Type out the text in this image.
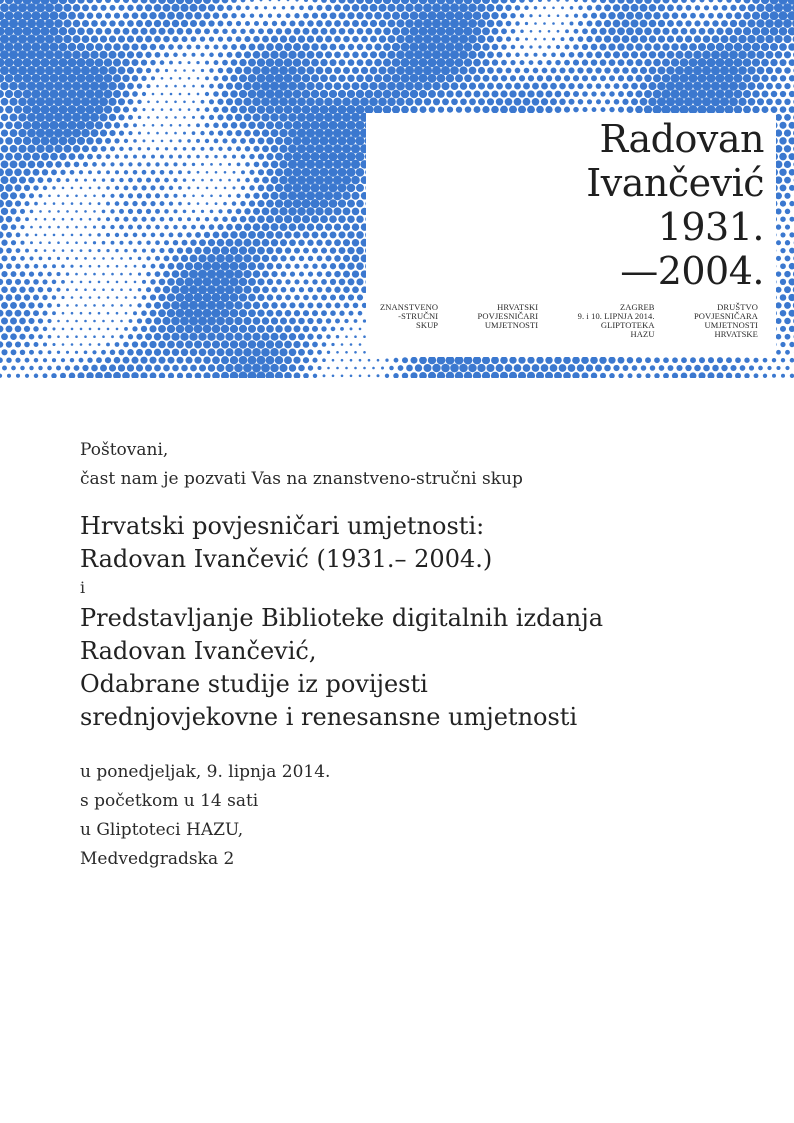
Radovan
Ivančević
1931.
—2004.
ZNANSTVENO
-STRUČNI
SKUP
HRVATSKI
POVJESNIČARI
UMJETNOSTI
ZAGREB
9. i 10. LIPNJA 2014.
GLIPTOTEKA
HAZU
DRUŠTVO
POVJESNIČARA
UMJETNOSTI
HRVATSKE
Poštovani,
čast nam je pozvati Vas na znanstveno-stručni skup
Hrvatski povjesničari umjetnosti:
Radovan Ivančević (1931.– 2004.)
i
Predstavljanje Biblioteke digitalnih izdanja
Radovan Ivančević,
Odabrane studije iz povijesti
srednjovjekovne i renesansne umjetnosti
u ponedjeljak, 9. lipnja 2014.
s početkom u 14 sati
u Gliptoteci HAZU,
Medvedgradska 2
